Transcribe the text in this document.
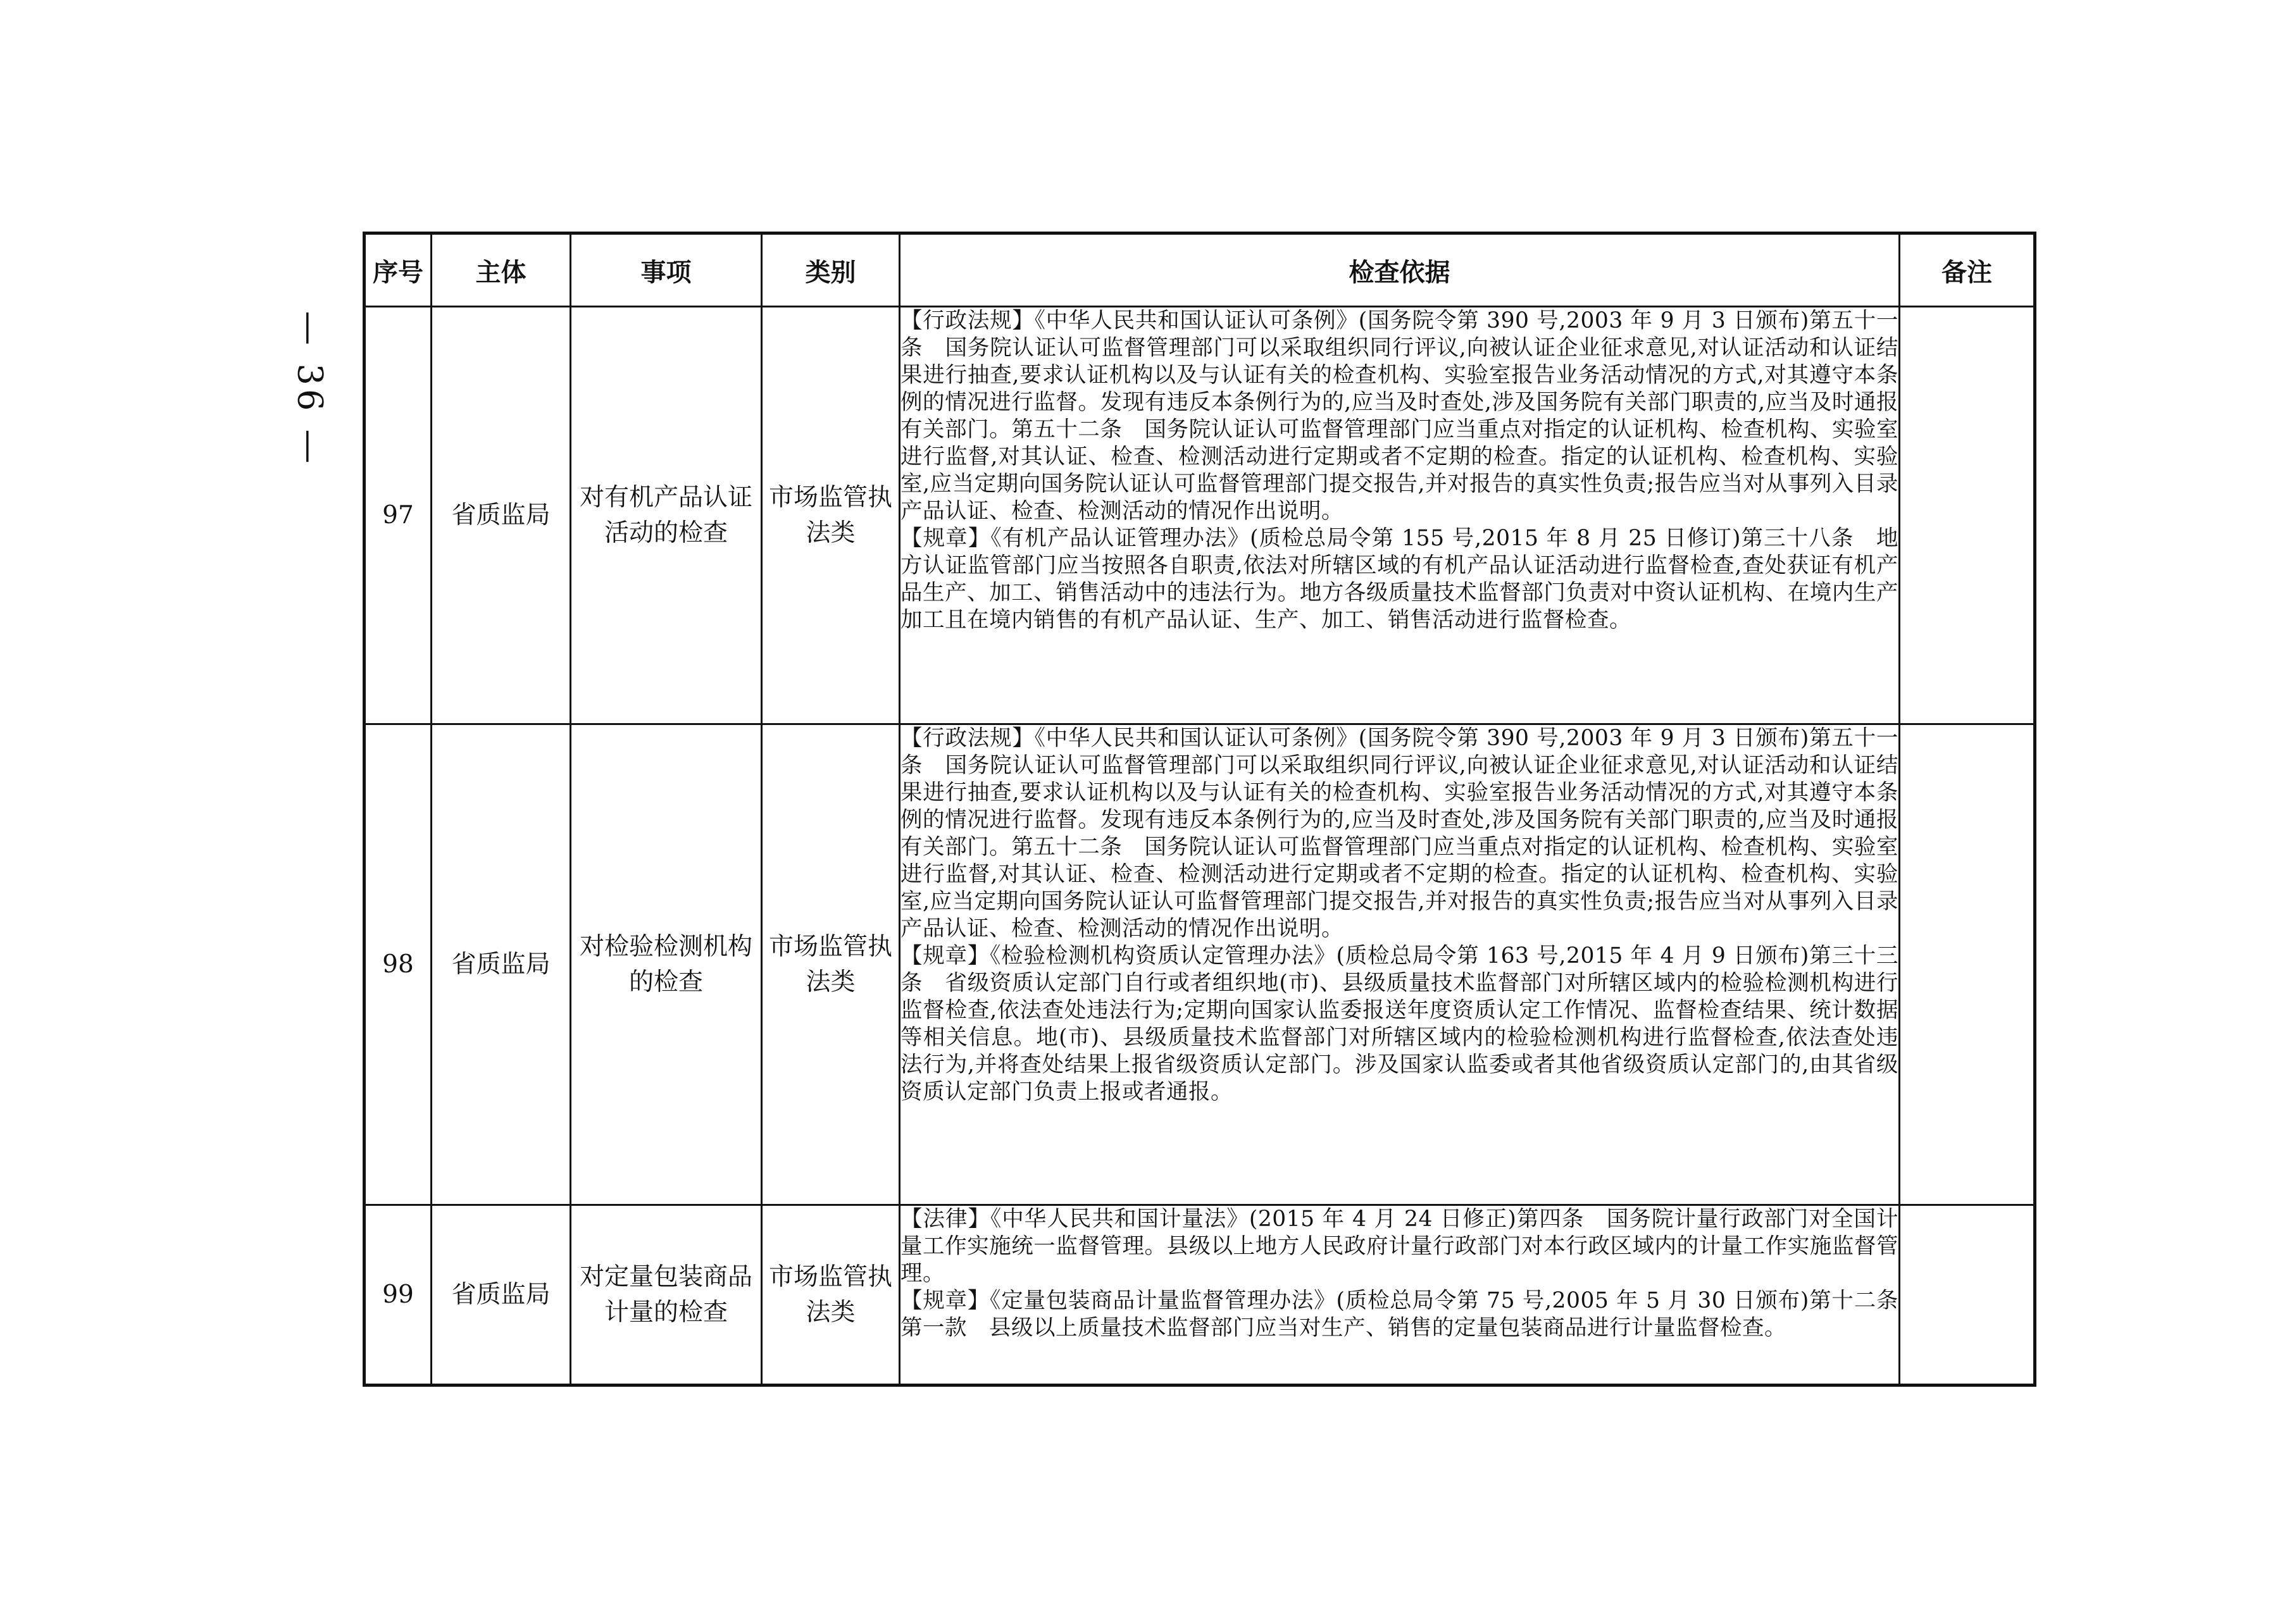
— 36 —
序号	主体	事项	类别	检查依据	备注
97	省质监局	对有机产品认证活动的检查	市场监管执法类	【行政法规】《中华人民共和国认证认可条例》(国务院令第 390 号,2003 年 9 月 3 日颁布)第五十一条　国务院认证认可监督管理部门可以采取组织同行评议,向被认证企业征求意见,对认证活动和认证结果进行抽查,要求认证机构以及与认证有关的检查机构、实验室报告业务活动情况的方式,对其遵守本条例的情况进行监督。发现有违反本条例行为的,应当及时查处,涉及国务院有关部门职责的,应当及时通报有关部门。第五十二条　国务院认证认可监督管理部门应当重点对指定的认证机构、检查机构、实验室进行监督,对其认证、检查、检测活动进行定期或者不定期的检查。指定的认证机构、检查机构、实验室,应当定期向国务院认证认可监督管理部门提交报告,并对报告的真实性负责;报告应当对从事列入目录产品认证、检查、检测活动的情况作出说明。
【规章】《有机产品认证管理办法》(质检总局令第 155 号,2015 年 8 月 25 日修订)第三十八条　地方认证监管部门应当按照各自职责,依法对所辖区域的有机产品认证活动进行监督检查,查处获证有机产品生产、加工、销售活动中的违法行为。地方各级质量技术监督部门负责对中资认证机构、在境内生产加工且在境内销售的有机产品认证、生产、加工、销售活动进行监督检查。	

98	省质监局	对检验检测机构的检查	市场监管执法类	【行政法规】《中华人民共和国认证认可条例》(国务院令第 390 号,2003 年 9 月 3 日颁布)第五十一条　国务院认证认可监督管理部门可以采取组织同行评议,向被认证企业征求意见,对认证活动和认证结果进行抽查,要求认证机构以及与认证有关的检查机构、实验室报告业务活动情况的方式,对其遵守本条例的情况进行监督。发现有违反本条例行为的,应当及时查处,涉及国务院有关部门职责的,应当及时通报有关部门。第五十二条　国务院认证认可监督管理部门应当重点对指定的认证机构、检查机构、实验室进行监督,对其认证、检查、检测活动进行定期或者不定期的检查。指定的认证机构、检查机构、实验室,应当定期向国务院认证认可监督管理部门提交报告,并对报告的真实性负责;报告应当对从事列入目录产品认证、检查、检测活动的情况作出说明。
【规章】《检验检测机构资质认定管理办法》(质检总局令第 163 号,2015 年 4 月 9 日颁布)第三十三条　省级资质认定部门自行或者组织地(市)、县级质量技术监督部门对所辖区域内的检验检测机构进行监督检查,依法查处违法行为;定期向国家认监委报送年度资质认定工作情况、监督检查结果、统计数据等相关信息。地(市)、县级质量技术监督部门对所辖区域内的检验检测机构进行监督检查,依法查处违法行为,并将查处结果上报省级资质认定部门。涉及国家认监委或者其他省级资质认定部门的,由其省级资质认定部门负责上报或者通报。	

99	省质监局	对定量包装商品计量的检查	市场监管执法类	【法律】《中华人民共和国计量法》(2015 年 4 月 24 日修正)第四条　国务院计量行政部门对全国计量工作实施统一监督管理。县级以上地方人民政府计量行政部门对本行政区域内的计量工作实施监督管理。
【规章】《定量包装商品计量监督管理办法》(质检总局令第 75 号,2005 年 5 月 30 日颁布)第十二条第一款　县级以上质量技术监督部门应当对生产、销售的定量包装商品进行计量监督检查。	
